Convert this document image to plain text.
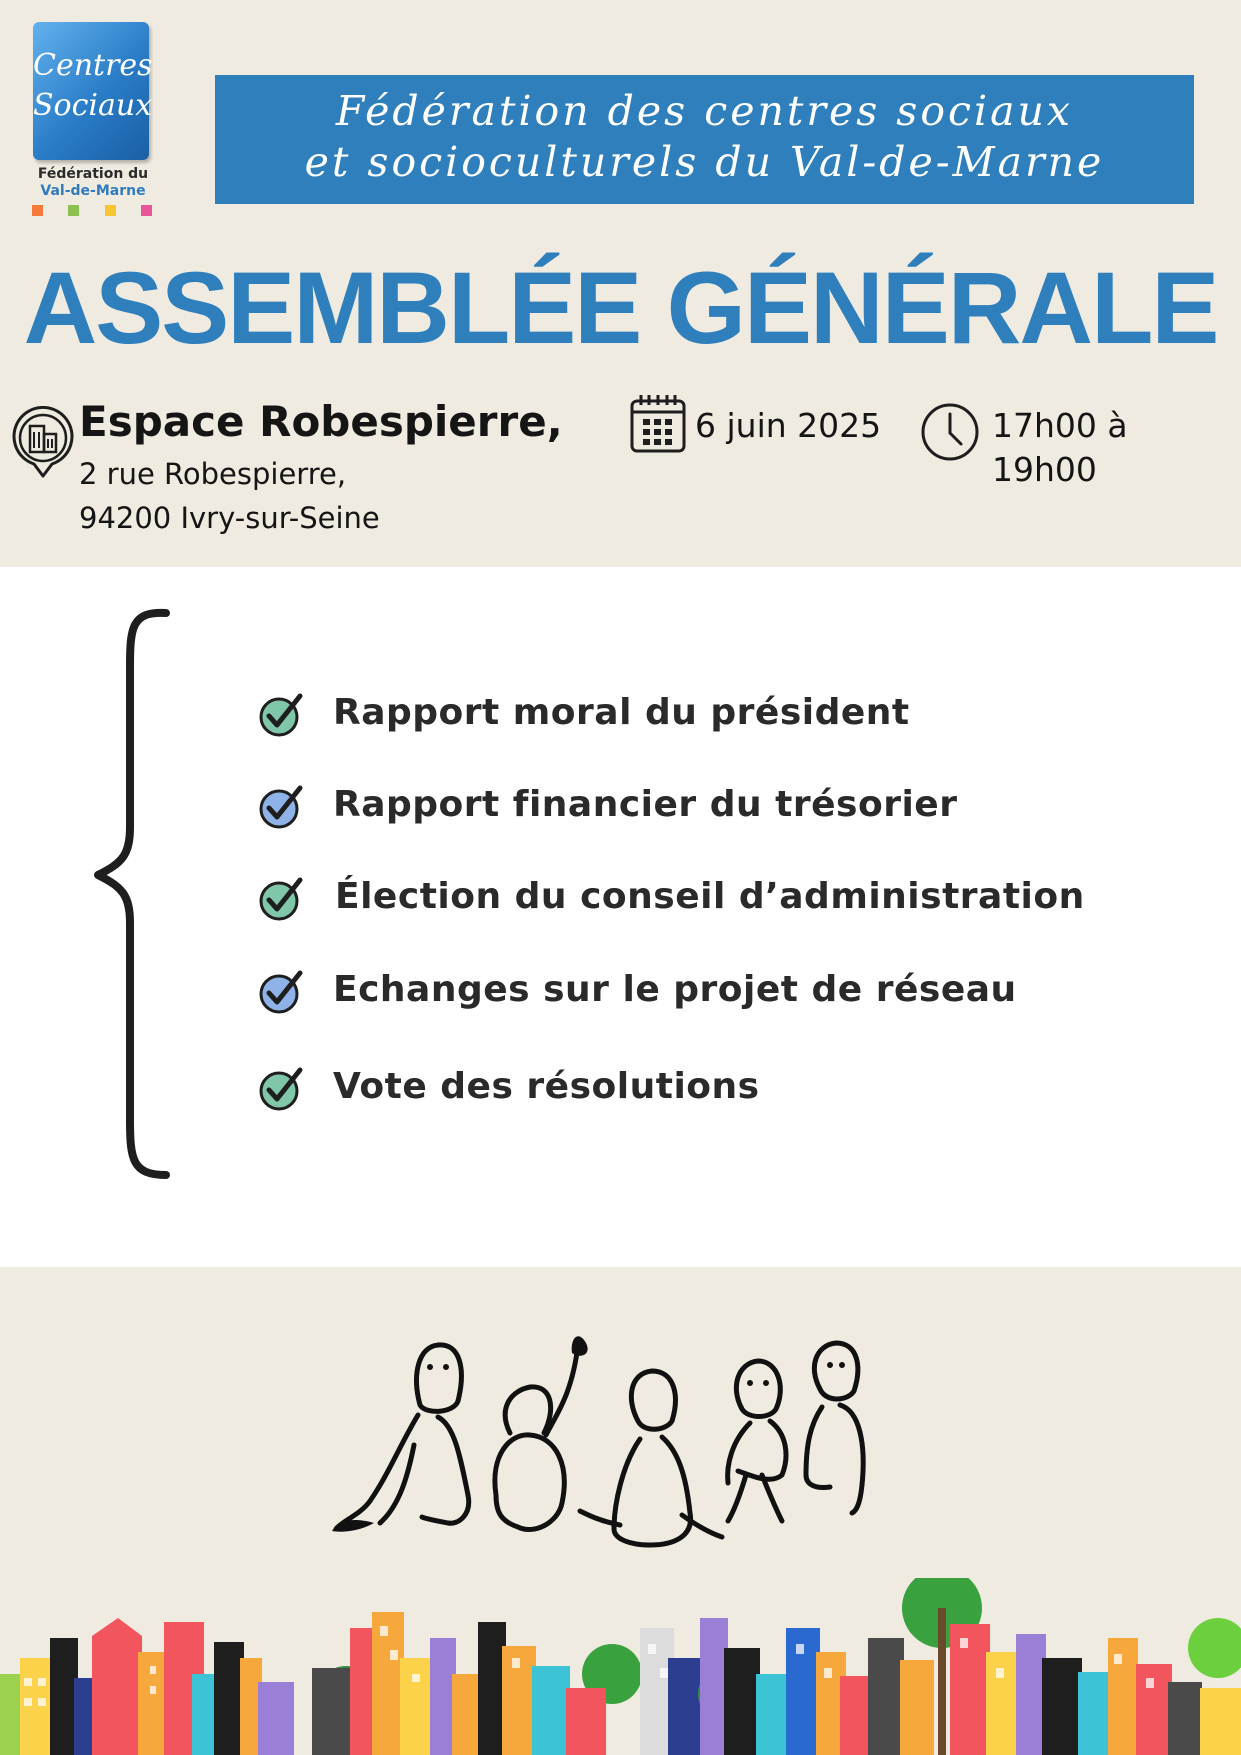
Centres
Sociaux
Fédération du
Val-de-Marne
Fédération des centres sociaux
et socioculturels du Val-de-Marne
ASSEMBLÉE GÉNÉRALE
Espace Robespierre,
2 rue Robespierre,
94200 Ivry-sur-Seine
6 juin 2025	17h00 à 19h00
Rapport moral du président
Rapport financier du trésorier
Élection du conseil d’administration
Echanges sur le projet de réseau
Vote des résolutions
